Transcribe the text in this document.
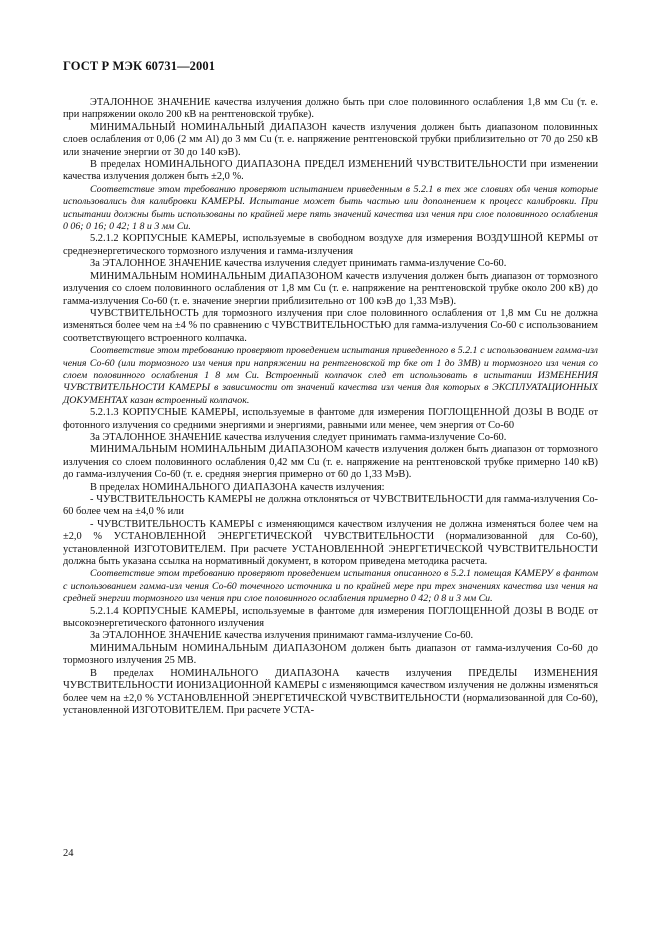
ГОСТ Р МЭК 60731—2001

ЭТАЛОННОЕ ЗНАЧЕНИЕ качества излучения должно быть при слое половинного ослабления 1,8 мм Cu (т. е. при напряжении около 200 кВ на рентгеновской трубке).

МИНИМАЛЬНЫЙ НОМИНАЛЬНЫЙ ДИАПАЗОН качеств излучения должен быть диапазоном половинных слоев ослабления от 0,06 (2 мм Al) до 3 мм Cu (т. е. напряжение рентгеновской трубки приблизительно от 70 до 250 кВ или значение энергии от 30 до 140 кэВ).

В пределах НОМИНАЛЬНОГО ДИАПАЗОНА ПРЕДЕЛ ИЗМЕНЕНИЙ ЧУВСТВИТЕЛЬНОСТИ при изменении качества излучения должен быть ±2,0 %.

Соответствие этом требованию проверяют испытанием приведенным в 5.2.1 в тех же словиях обл чения которые использовались для калибровки КАМЕРЫ. Испытание может быть частью или дополнением к процесс калибровки. При испытании должны быть использованы по крайней мере пять значений качества изл чения при слое половинного ослабления 0 06; 0 16; 0 42; 1 8 и 3 мм Cu.

5.2.1.2 КОРПУСНЫЕ КАМЕРЫ, используемые в свободном воздухе для измерения ВОЗДУШНОЙ КЕРМЫ от среднеэнергетического тормозного излучения и гамма-излучения

За ЭТАЛОННОЕ ЗНАЧЕНИЕ качества излучения следует принимать гамма-излучение Co-60.

МИНИМАЛЬНЫМ НОМИНАЛЬНЫМ ДИАПАЗОНОМ качеств излучения должен быть диапазон от тормозного излучения со слоем половинного ослабления от 1,8 мм Cu (т. е. напряжение на рентгеновской трубке около 200 кВ) до гамма-излучения Co-60 (т. е. значение энергии приблизительно от 100 кэВ до 1,33 МэВ).

ЧУВСТВИТЕЛЬНОСТЬ для тормозного излучения при слое половинного ослабления от 1,8 мм Cu не должна изменяться более чем на ±4 % по сравнению с ЧУВСТВИТЕЛЬНОСТЬЮ для гамма-излучения Co-60 с использованием соответствующего встроенного колпачка.

Соответствие этом требованию проверяют проведением испытания приведенного в 5.2.1 с использованием гамма-изл чения Co-60 (или тормозного изл чения при напряжении на рентгеновской тр бке от 1 до 3МВ) и тормозного изл чения со слоем половинного ослабления 1 8 мм Cu. Встроенный колпачок след ет использовать в испытании ИЗМЕНЕНИЯ ЧУВСТВИТЕЛЬНОСТИ КАМЕРЫ в зависимости от значений качества изл чения для которых в ЭКСПЛУАТАЦИОННЫХ ДОКУМЕНТАХ казан встроенный колпачок.

5.2.1.3 КОРПУСНЫЕ КАМЕРЫ, используемые в фантоме для измерения ПОГЛОЩЕННОЙ ДОЗЫ В ВОДЕ от фотонного излучения со средними энергиями и энергиями, равными или менее, чем энергия от Co-60

За ЭТАЛОННОЕ ЗНАЧЕНИЕ качества излучения следует принимать гамма-излучение Co-60.

МИНИМАЛЬНЫМ НОМИНАЛЬНЫМ ДИАПАЗОНОМ качеств излучения должен быть диапазон от тормозного излучения со слоем половинного ослабления 0,42 мм Cu (т. е. напряжение на рентгеновской трубке примерно 140 кВ) до гамма-излучения Co-60 (т. е. средняя энергия примерно от 60 до 1,33 МэВ).

В пределах НОМИНАЛЬНОГО ДИАПАЗОНА качеств излучения:

- ЧУВСТВИТЕЛЬНОСТЬ КАМЕРЫ не должна отклоняться от ЧУВСТВИТЕЛЬНОСТИ для гамма-излучения Co-60 более чем на ±4,0 % или

- ЧУВСТВИТЕЛЬНОСТЬ КАМЕРЫ с изменяющимся качеством излучения не должна изменяться более чем на ±2,0 % УСТАНОВЛЕННОЙ ЭНЕРГЕТИЧЕСКОЙ ЧУВСТВИТЕЛЬНОСТИ (нормализованной для Co-60), установленной ИЗГОТОВИТЕЛЕМ. При расчете УСТАНОВЛЕННОЙ ЭНЕРГЕТИЧЕСКОЙ ЧУВСТВИТЕЛЬНОСТИ должна быть указана ссылка на нормативный документ, в котором приведена методика расчета.

Соответствие этом требованию проверяют проведением испытания описанного в 5.2.1 помещая КАМЕРУ в фантом с использованием гамма-изл чения Co-60 точечного источника и по крайней мере при трех значениях качества изл чения на средней энергии тормозного изл чения при слое половинного ослабления примерно 0 42; 0 8 и 3 мм Cu.

5.2.1.4 КОРПУСНЫЕ КАМЕРЫ, используемые в фантоме для измерения ПОГЛОЩЕННОЙ ДОЗЫ В ВОДЕ от высокоэнергетического фатонного излучения

За ЭТАЛОННОЕ ЗНАЧЕНИЕ качества излучения принимают гамма-излучение Co-60.

МИНИМАЛЬНЫМ НОМИНАЛЬНЫМ ДИАПАЗОНОМ должен быть диапазон от гамма-излучения Co-60 до тормозного излучения 25 МВ.

В пределах НОМИНАЛЬНОГО ДИАПАЗОНА качеств излучения ПРЕДЕЛЫ ИЗМЕНЕНИЯ ЧУВСТВИТЕЛЬНОСТИ ИОНИЗАЦИОННОЙ КАМЕРЫ с изменяющимся качеством излучения не должны изменяться более чем на ±2,0 % УСТАНОВЛЕННОЙ ЭНЕРГЕТИЧЕСКОЙ ЧУВСТВИТЕЛЬНОСТИ (нормализованной для Co-60), установленной ИЗГОТОВИТЕЛЕМ. При расчете УСТА-

24
